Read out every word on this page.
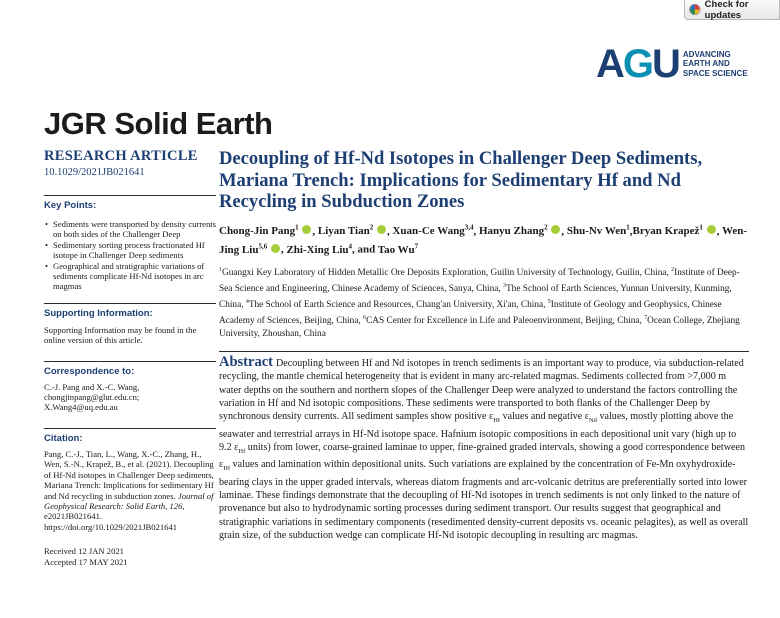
Check for updates
A G U ADVANCING
EARTH AND
SPACE SCIENCE
JGR Solid Earth
RESEARCH ARTICLE
10.1029/2021JB021641
Key Points:
• Sediments were transported by density currents on both sides of the Challenger Deep
• Sedimentary sorting process fractionated Hf isotope in Challenger Deep sediments
• Geographical and stratigraphic variations of sediments complicate Hf-Nd isotopes in arc magmas
Supporting Information:

Supporting Information may be found in the online version of this article.

Correspondence to:

C.-J. Pang and X.-C. Wang,
chongjinpang@glut.edu.cn;
X.Wang4@uq.edu.au

Citation:

Pang, C.-J., Tian, L., Wang, X.-C., Zhang, H., Wen, S.-N., Krapež, B., et al. (2021). Decoupling of Hf-Nd isotopes in Challenger Deep sediments, Mariana Trench: Implications for sedimentary Hf and Nd recycling in subduction zones. Journal of Geophysical Research: Solid Earth, 126, e2021JB021641. https://doi.org/10.1029/2021JB021641

Received 12 JAN 2021
Accepted 17 MAY 2021
Decoupling of Hf-Nd Isotopes in Challenger Deep Sediments, Mariana Trench: Implications for Sedimentary Hf and Nd Recycling in Subduction Zones
Chong-Jin Pang$^1$ , Liyan Tian$^2$ , Xuan-Ce Wang$^{3,4}$, Hanyu Zhang$^2$ , Shu-Nv Wen$^1$,Bryan Krapež$^1$ , Wen-Jing Liu$^{5,6}$ , Zhi-Xing Liu$^4$, and Tao Wu$^7$
$^1$Guangxi Key Laboratory of Hidden Metallic Ore Deposits Exploration, Guilin University of Technology, Guilin, China, $^2$Institute of Deep-Sea Science and Engineering, Chinese Academy of Sciences, Sanya, China, $^3$The School of Earth Sciences, Yunnan University, Kunming, China, $^4$The School of Earth Science and Resources, Chang'an University, Xi'an, China, $^5$Institute of Geology and Geophysics, Chinese Academy of Sciences, Beijing, China, $^6$CAS Center for Excellence in Life and Paleoenvironment, Beijing, China, $^7$Ocean College, Zhejiang University, Zhoushan, China
Abstract Decoupling between Hf and Nd isotopes in trench sediments is an important way to produce, via subduction-related recycling, the mantle chemical heterogeneity that is evident in many arc-related magmas. Sediments collected from >7,000 m water depths on the southern and northern slopes of the Challenger Deep were analyzed to understand the factors controlling the variation in Hf and Nd isotopic compositions. These sediments were transported to both flanks of the Challenger Deep by synchronous density currents. All sediment samples show positive $\varepsilon_{Hf}$ values and negative $\varepsilon_{Nd}$ values, mostly plotting above the seawater and terrestrial arrays in Hf-Nd isotope space. Hafnium isotopic compositions in each depositional unit vary (high up to 9.2 $\varepsilon_{Hf}$ units) from lower, coarse-grained laminae to upper, fine-grained graded intervals, showing a good correspondence between $\varepsilon_{Hf}$ values and lamination within depositional units. Such variations are explained by the concentration of Fe-Mn oxyhydroxide-bearing clays in the upper graded intervals, whereas diatom fragments and arc-volcanic detritus are preferentially sorted into lower laminae. These findings demonstrate that the decoupling of Hf-Nd isotopes in trench sediments is not only linked to the nature of provenance but also to hydrodynamic sorting processes during sediment transport. Our results suggest that geographical and stratigraphic variations in sedimentary components (resedimented density-current deposits vs. oceanic pelagites), as well as overall grain size, of the subduction wedge can complicate Hf-Nd isotopic decoupling in resulting arc magmas.
